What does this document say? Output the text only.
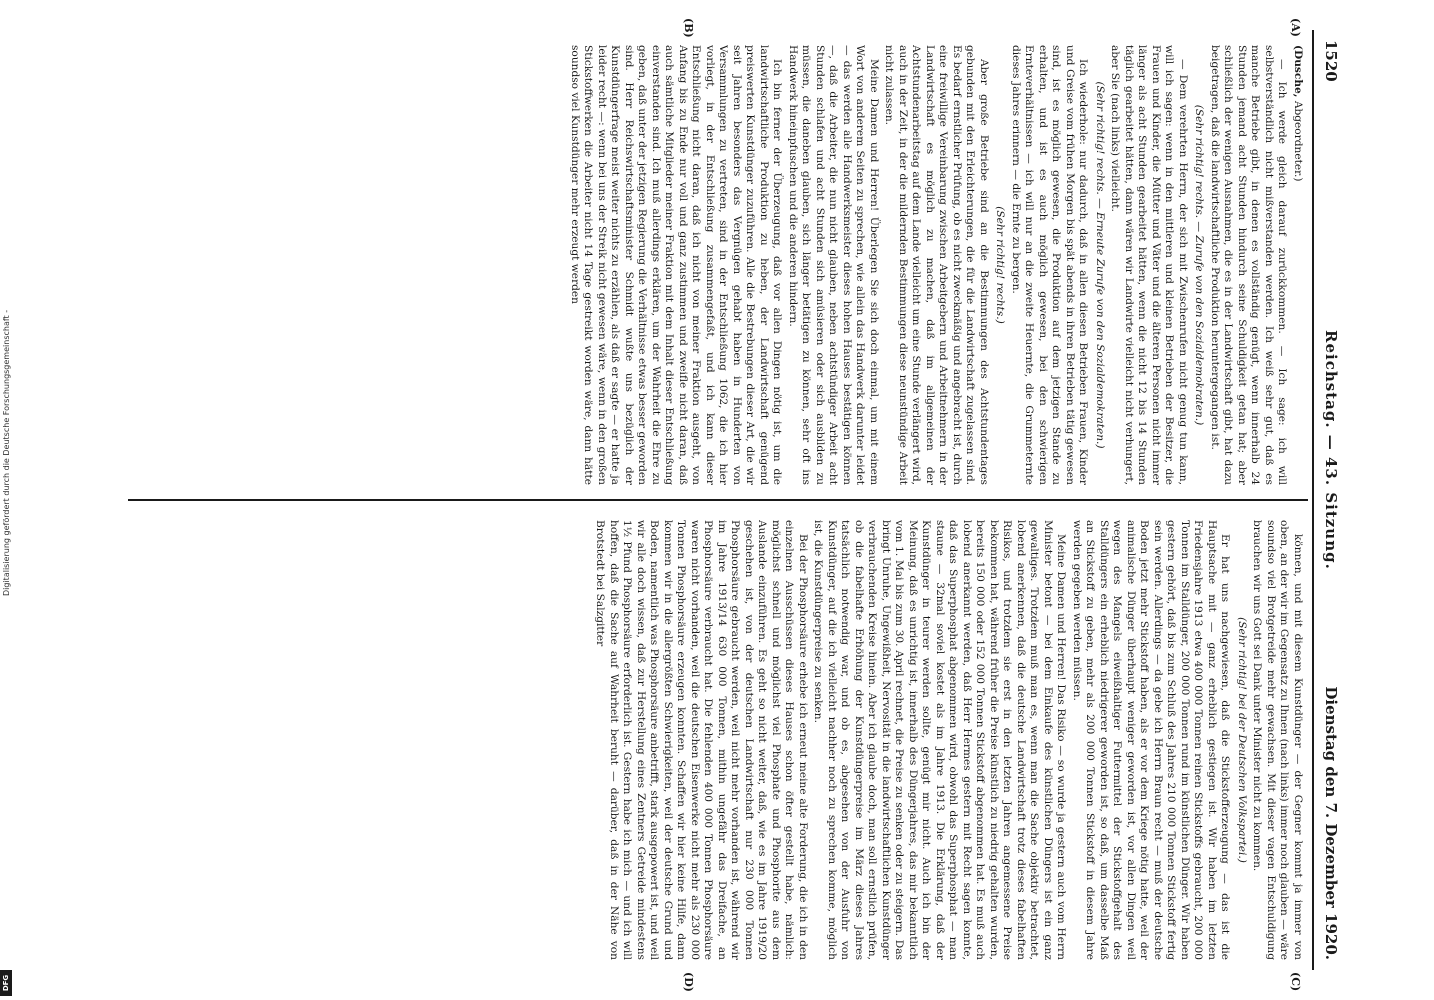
1520
Reichstag. — 43. Sitzung.
Dienstag den 7. Dezember 1920.
(A)
(B)
(C)
(D)

(Dusche, Abgeordneter.)

— Ich werde gleich darauf zurückkommen. — Ich sage: ich will selbstverständlich nicht mißverstanden werden. Ich weiß sehr gut, daß es manche Betriebe gibt, in denen es vollständig genügt, wenn innerhalb 24 Stunden jemand acht Stunden hindurch seine Schuldigkeit getan hat; aber schließlich der wenigen Ausnahmen, die es in der Landwirtschaft gibt, hat dazu beigetragen, daß die landwirtschaftliche Produktion heruntergegangen ist.

(Sehr richtig! rechts. — Zurufe von den Sozialdemokraten.)

— Dem verehrten Herrn, der sich mit Zwischenrufen nicht genug tun kann, will ich sagen: wenn in den mittleren und kleinen Betrieben der Besitzer, die Frauen und Kinder, die Mütter und Väter und die älteren Personen nicht immer länger als acht Stunden gearbeitet hätten, wenn die nicht 12 bis 14 Stunden täglich gearbeitet hätten, dann wären wir Landwirte vielleicht nicht verhungert, aber Sie (nach links) vielleicht.

(Sehr richtig! rechts. — Erneute Zurufe von den Sozialdemokraten.)

Ich wiederhole: nur dadurch, daß in allen diesen Betrieben Frauen, Kinder und Greise vom frühen Morgen bis spät abends in ihren Betrieben tätig gewesen sind, ist es möglich gewesen, die Produktion auf dem jetzigen Stande zu erhalten, und ist es auch möglich gewesen, bei den schwierigen Ernteverhältnissen — ich will nur an die zweite Heuernte, die Grummeternte dieses Jahres erinnern — die Ernte zu bergen.

(Sehr richtig! rechts.)

Aber große Betriebe sind an die Bestimmungen des Achtstundentages gebunden mit den Erleichterungen, die für die Landwirtschaft zugelassen sind. Es bedarf ernstlicher Prüfung, ob es nicht zweckmäßig und angebracht ist, durch eine freiwillige Vereinbarung zwischen Arbeitgebern und Arbeitnehmern in der Landwirtschaft es möglich zu machen, daß im allgemeinen der Achtstundenarbeitstag auf dem Lande vielleicht um eine Stunde verlängert wird, auch in der Zeit, in der die mildernden Bestimmungen diese neunstündige Arbeit nicht zulassen.

Meine Damen und Herren! Überlegen Sie sich doch einmal, um mit einem Wort von anderem Seiten zu sprechen, wie allein das Handwerk darunter leidet — das werden alle Handwerksmeister dieses hohen Hauses bestätigen können —, daß die Arbeiter, die nun nicht glauben, neben achtstündiger Arbeit acht Stunden schlafen und acht Stunden sich amüsieren oder sich ausbilden zu müssen, die daneben glauben, sich länger betätigen zu können, sehr oft ins Handwerk hineinpfuschen und die anderen hindern.

Ich bin ferner der Überzeugung, daß vor allen Dingen nötig ist, um die landwirtschaftliche Produktion zu heben, der Landwirtschaft genügend preiswerten Kunstdünger zuzuführen. Alle die Bestrebungen dieser Art, die wir seit Jahren besonders das Vergnügen gehabt haben in Hunderten von Versammlungen zu vertreten, sind in der Entschließung 1062, die ich hier vorliegt, in der Entschließung zusammengefaßt, und ich kann dieser Entschließung nicht daran, daß ich nicht von meiner Fraktion ausgeht, von Anfang bis zu Ende nur voll und ganz zustimmen und zweifle nicht daran, daß auch sämtliche Mitglieder meiner Fraktion mit dem Inhalt dieser Entschließung einverstanden sind. Ich muß allerdings erklären, um der Wahrheit die Ehre zu geben, daß unter der jetzigen Regierung die Verhältnisse etwas besser geworden sind. Herr Reichswirtschaftsminister Schmidt wußte uns bezüglich der Kunstdüngerfrage meist weiter nichts zu erzählen, als daß er sagte — er hatte ja leider recht —: wenn bei uns der Streik nicht gewesen wäre, wenn in den großen Stickstoffwerken die Arbeiter nicht 14 Tage gestreikt worden wäre, dann hätte soundso viel Kunstdünger mehr erzeugt werden

können, und mit diesem Kunstdünger — der Gegner kommt ja immer von oben, an der wir im Gegensatz zu Ihnen (nach links) immer noch glauben — wäre soundso viel Brotgetreide mehr gewachsen. Mit dieser vagen Entschuldigung brauchen wir uns Gott sei Dank unter Minister nicht zu kommen.

(Sehr richtig! bei der Deutschen Volkspartei.)

Er hat uns nachgewiesen, daß die Stickstofferzeugung — das ist die Hauptsache mit — ganz erheblich gestiegen ist. Wir haben im letzten Friedensjahre 1913 etwa 400 000 Tonnen reinen Stickstoffs gebraucht, 200 000 Tonnen im Stalldünger, 200 000 Tonnen rund im künstlichen Dünger. Wir haben gestern gehört, daß bis zum Schluß des Jahres 210 000 Tonnen Stickstoff fertig sein werden. Allerdings — da gebe ich Herrn Braun recht — muß der deutsche Boden jetzt mehr Stickstoff haben, als er vor dem Kriege nötig hatte, weil der animalische Dünger überhaupt weniger geworden ist, vor allen Dingen weil wegen des Mangels eiweißhaltiger Futtermittel der Stickstoffgehalt des Stalldüngers ein erheblich niedrigerer geworden ist, so daß, um dasselbe Maß an Stickstoff zu geben, mehr als 200 000 Tonnen Stickstoff in diesem Jahre werden gegeben werden müssen.

Meine Damen und Herren! Das Risiko — so wurde ja gestern auch vom Herrn Minister betont — bei dem Einkaufe des künstlichen Düngers ist ein ganz gewaltiges. Trotzdem muß man es, wenn man die Sache objektiv betrachtet, lobend anerkennen, daß die deutsche Landwirtschaft trotz dieses fabelhaften Risikos, und trotzdem sie erst in den letzten Jahren angemessene Preise bekommen hat, während früher die Preise künstlich zu niedrig gehalten wurden, bereits 150 000 oder 152 000 Tonnen Stickstoff abgenommen hat. Es muß auch lobend anerkannt werden, daß Herr Hermes gestern mit Recht sagen konnte, daß das Superphosphat abgenommen wird, obwohl das Superphosphat — man staune — 32mal soviel kostet als im Jahre 1913. Die Erklärung, daß der Kunstdünger in teurer werden sollte, genügt mir nicht. Auch ich bin der Meinung, daß es unrichtig ist, innerhalb des Düngerjahres, das mir bekanntlich vom 1. Mai bis zum 30. April rechnet, die Preise zu senken oder zu steigern. Das bringt Unruhe, Ungewißheit, Nervosität in die landwirtschaftlichen Kunstdünger verbrauchenden Kreise hinein. Aber ich glaube doch, man soll ernstlich prüfen, ob die fabelhafte Erhöhung der Kunstdüngerpreise im März dieses Jahres tatsächlich notwendig war, und ob es, abgesehen von der Ausfuhr von Kunstdünger, auf die ich vielleicht nachher noch zu sprechen komme, möglich ist, die Kunstdüngerpreise zu senken.

Bei der Phosphorsäure erhebe ich erneut meine alte Forderung, die ich in den einzelnen Ausschüssen dieses Hauses schon öfter gestellt habe, nämlich: möglichst schnell und möglichst viel Phosphate und Phosphorite aus dem Auslande einzuführen. Es geht so nicht weiter, daß, wie es im Jahre 1919/20 geschehen ist, von der deutschen Landwirtschaft nur 230 000 Tonnen Phosphorsäure gebraucht werden, weil nicht mehr vorhanden ist, während wir im Jahre 1913/14 630 000 Tonnen, mithin ungefähr das Dreifache, an Phosphorsäure verbraucht hat. Die fehlenden 400 000 Tonnen Phosphorsäure waren nicht vorhanden, weil die deutschen Eisenwerke nicht mehr als 230 000 Tonnen Phosphorsäure erzeugen konnten. Schaffen wir hier keine Hilfe, dann kommen wir in die allergrößten Schwierigkeiten, weil der deutsche Grund und Boden, namentlich was Phosphorsäure anbetrifft, stark ausgepowert ist, und weil wir alle doch wissen, daß zur Herstellung eines Zentners Getreide mindestens 1½ Pfund Phosphorsäure erforderlich ist. Gestern habe ich mich — und ich will hoffen, daß die Sache auf Wahrheit beruht — darüber, daß in der Nähe von Brotstedt bei Salzgitter

Digitalisierung gefördert durch die Deutsche Forschungsgemeinschaft -
DFG
